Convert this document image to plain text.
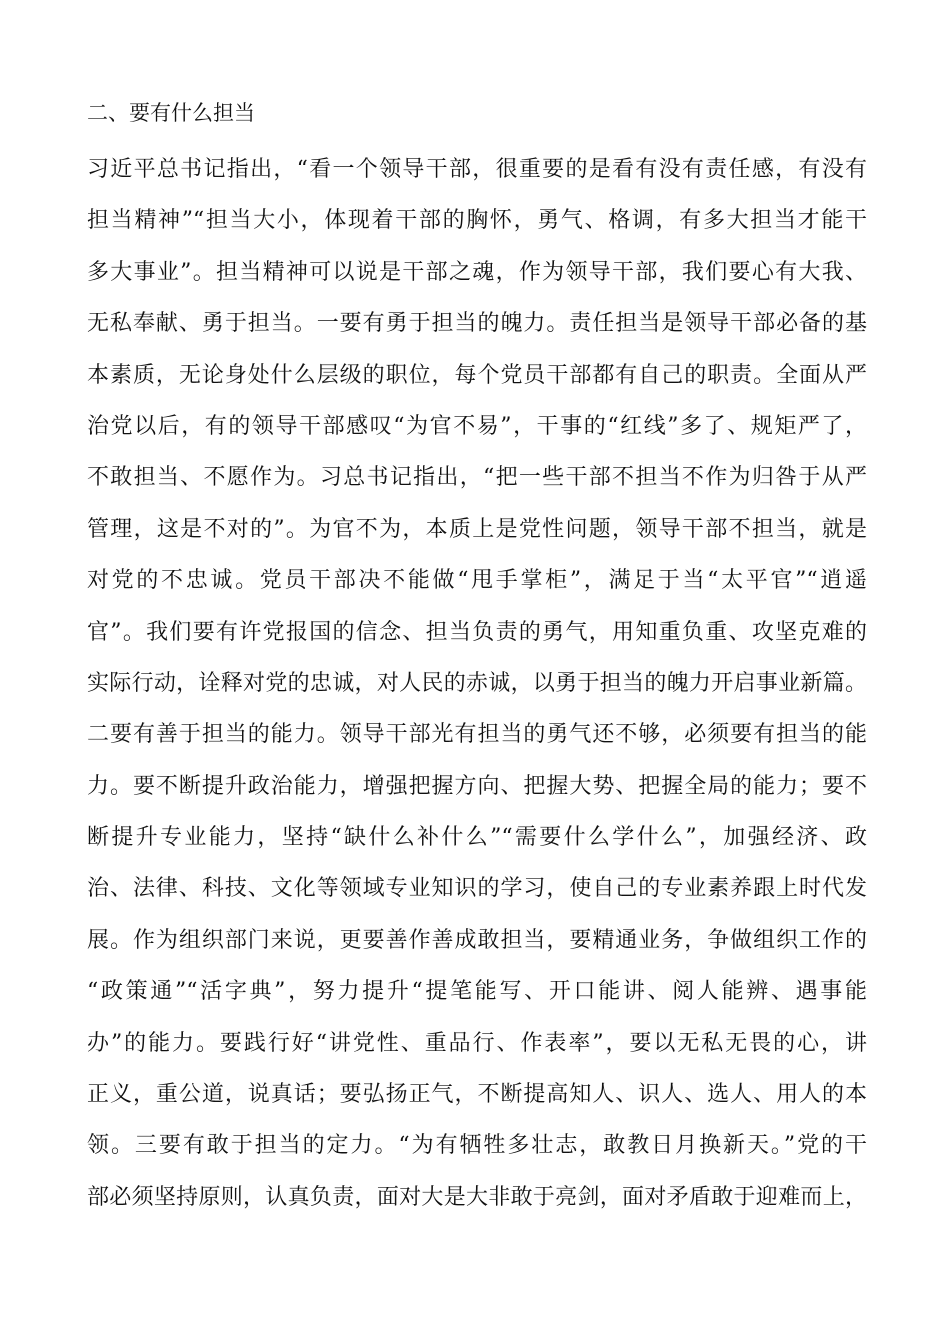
二、要有什么担当
习近平总书记指出，“看一个领导干部，很重要的是看有没有责任感，有没有
担当精神”“担当大小，体现着干部的胸怀，勇气、格调，有多大担当才能干
多大事业”。担当精神可以说是干部之魂，作为领导干部，我们要心有大我、
无私奉献、勇于担当。一要有勇于担当的魄力。责任担当是领导干部必备的基
本素质，无论身处什么层级的职位，每个党员干部都有自己的职责。全面从严
治党以后，有的领导干部感叹“为官不易”，干事的“红线”多了、规矩严了，
不敢担当、不愿作为。习总书记指出，“把一些干部不担当不作为归咎于从严
管理，这是不对的”。为官不为，本质上是党性问题，领导干部不担当，就是
对党的不忠诚。党员干部决不能做“甩手掌柜”，满足于当“太平官”“逍遥
官”。我们要有许党报国的信念、担当负责的勇气，用知重负重、攻坚克难的
实际行动，诠释对党的忠诚，对人民的赤诚，以勇于担当的魄力开启事业新篇。
二要有善于担当的能力。领导干部光有担当的勇气还不够，必须要有担当的能
力。要不断提升政治能力，增强把握方向、把握大势、把握全局的能力；要不
断提升专业能力，坚持“缺什么补什么”“需要什么学什么”，加强经济、政
治、法律、科技、文化等领域专业知识的学习，使自己的专业素养跟上时代发
展。作为组织部门来说，更要善作善成敢担当，要精通业务，争做组织工作的
“政策通”“活字典”，努力提升“提笔能写、开口能讲、阅人能辨、遇事能
办”的能力。要践行好“讲党性、重品行、作表率”，要以无私无畏的心，讲
正义，重公道，说真话；要弘扬正气，不断提高知人、识人、选人、用人的本
领。三要有敢于担当的定力。“为有牺牲多壮志，敢教日月换新天。”党的干
部必须坚持原则，认真负责，面对大是大非敢于亮剑，面对矛盾敢于迎难而上，
